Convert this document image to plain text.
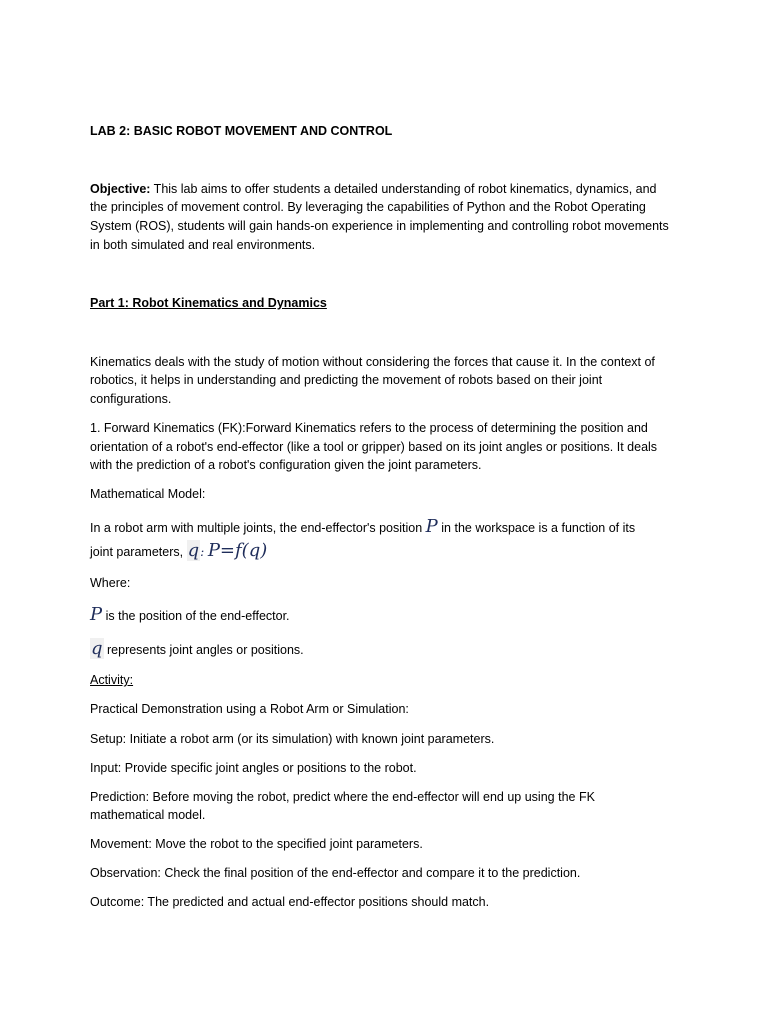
LAB 2: BASIC ROBOT MOVEMENT AND CONTROL
Objective: This lab aims to offer students a detailed understanding of robot kinematics, dynamics, and
the principles of movement control. By leveraging the capabilities of Python and the Robot Operating
System (ROS), students will gain hands-on experience in implementing and controlling robot movements
in both simulated and real environments.
Part 1: Robot Kinematics and Dynamics
Kinematics deals with the study of motion without considering the forces that cause it. In the context of
robotics, it helps in understanding and predicting the movement of robots based on their joint
configurations.
1. Forward Kinematics (FK):Forward Kinematics refers to the process of determining the position and
orientation of a robot's end-effector (like a tool or gripper) based on its joint angles or positions. It deals
with the prediction of a robot's configuration given the joint parameters.
Mathematical Model:
In a robot arm with multiple joints, the end-effector's position P in the workspace is a function of its
joint parameters, q: P=f(q)
Where:
P is the position of the end-effector.
q represents joint angles or positions.
Activity:
Practical Demonstration using a Robot Arm or Simulation:
Setup: Initiate a robot arm (or its simulation) with known joint parameters.
Input: Provide specific joint angles or positions to the robot.
Prediction: Before moving the robot, predict where the end-effector will end up using the FK
mathematical model.
Movement: Move the robot to the specified joint parameters.
Observation: Check the final position of the end-effector and compare it to the prediction.
Outcome: The predicted and actual end-effector positions should match.
